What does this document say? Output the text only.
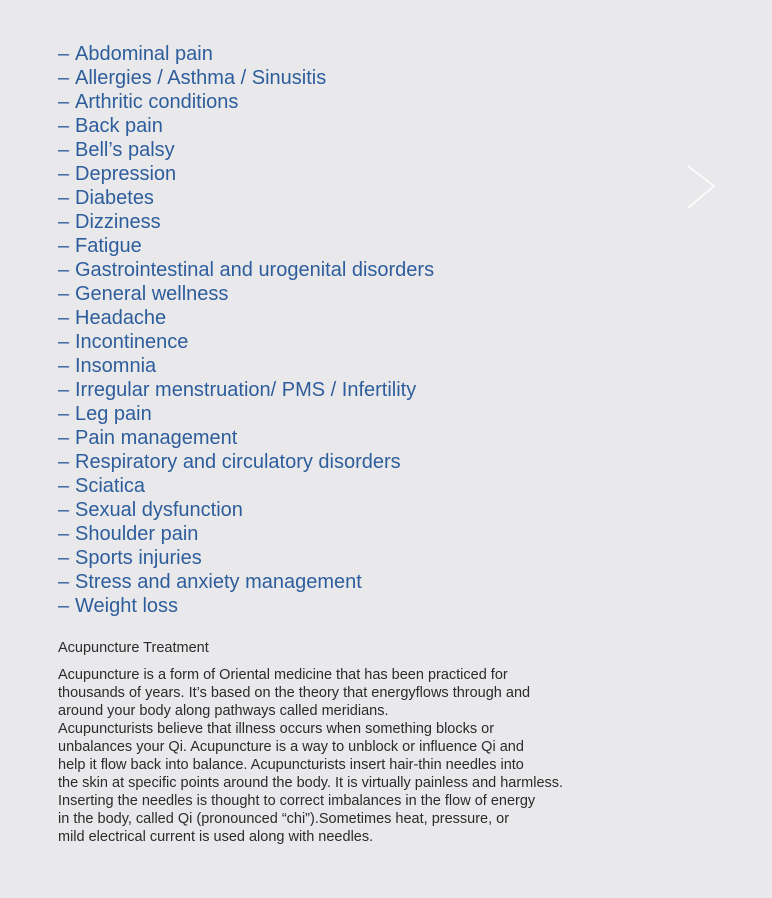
– Abdominal pain
– Allergies / Asthma / Sinusitis
– Arthritic conditions
– Back pain
– Bell’s palsy
– Depression
– Diabetes
– Dizziness
– Fatigue
– Gastrointestinal and urogenital disorders
– General wellness
– Headache
– Incontinence
– Insomnia
– Irregular menstruation/ PMS / Infertility
– Leg pain
– Pain management
– Respiratory and circulatory disorders
– Sciatica
– Sexual dysfunction
– Shoulder pain
– Sports injuries
– Stress and anxiety management
– Weight loss
Acupuncture Treatment
Acupuncture is a form of Oriental medicine that has been practiced for
thousands of years. It’s based on the theory that energyflows through and
around your body along pathways called meridians.
Acupuncturists believe that illness occurs when something blocks or
unbalances your Qi. Acupuncture is a way to unblock or influence Qi and
help it flow back into balance. Acupuncturists insert hair-thin needles into
the skin at specific points around the body. It is virtually painless and harmless.
Inserting the needles is thought to correct imbalances in the flow of energy
in the body, called Qi (pronounced “chi”).Sometimes heat, pressure, or
mild electrical current is used along with needles.
